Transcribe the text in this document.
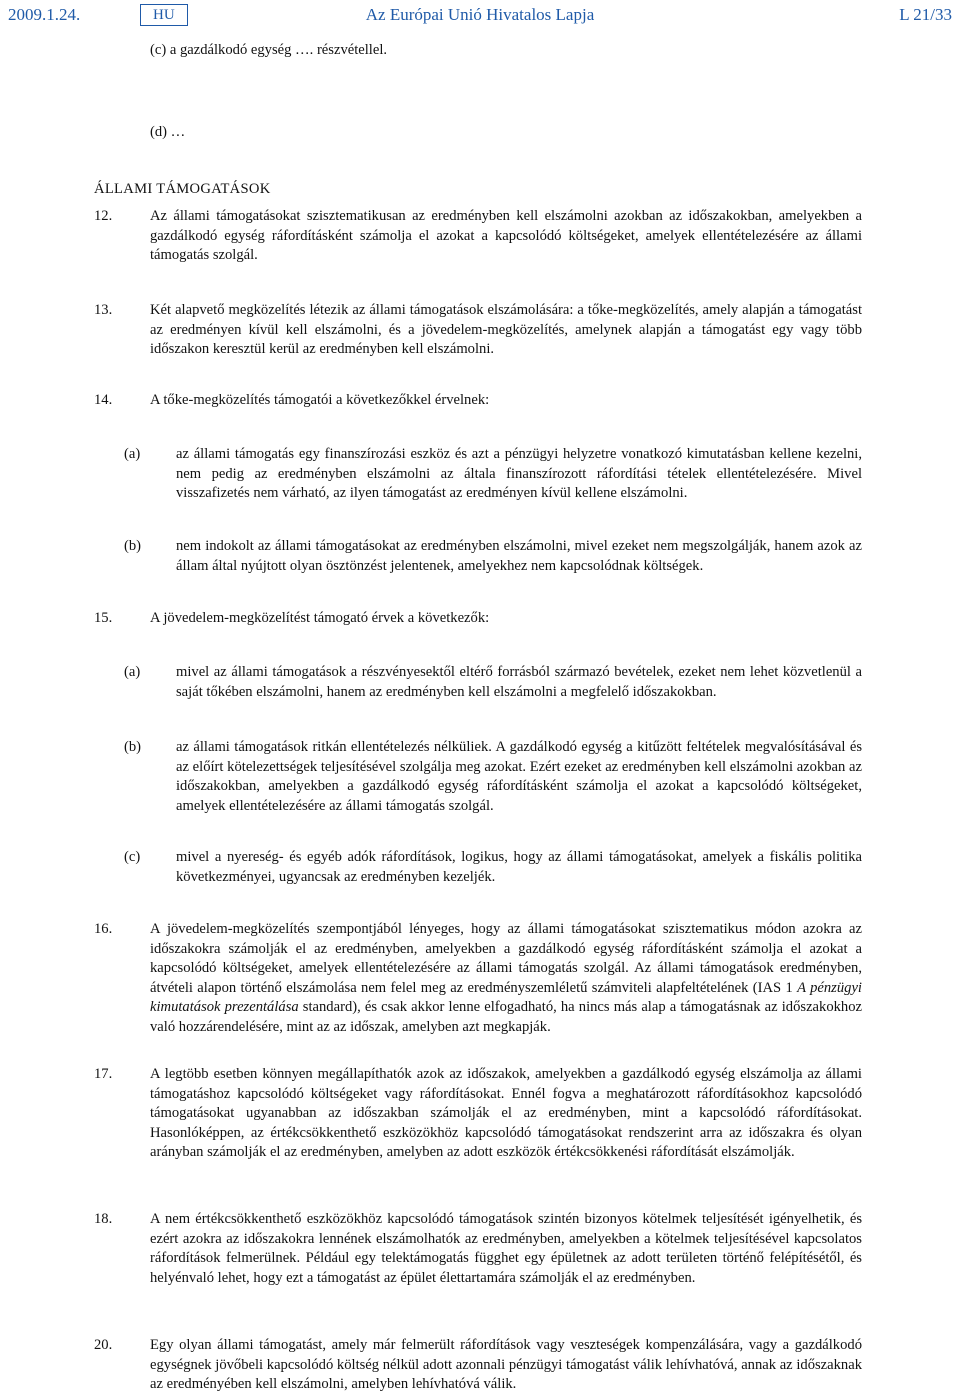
2009.1.24.	HU	Az Európai Unió Hivatalos Lapja	L 21/33
(c) a gazdálkodó egység …. részvétellel.
(d) …
ÁLLAMI TÁMOGATÁSOK
12.	Az állami támogatásokat szisztematikusan az eredményben kell elszámolni azokban az időszakokban, amelyekben a gazdálkodó egység ráfordításként számolja el azokat a kapcsolódó költségeket, amelyek ellentételezésére az állami támogatás szolgál.
13.	Két alapvető megközelítés létezik az állami támogatások elszámolására: a tőke-megközelítés, amely alapján a támogatást az eredményen kívül kell elszámolni, és a jövedelem-megközelítés, amelynek alapján a támogatást egy vagy több időszakon keresztül kerül az eredményben kell elszámolni.
14.	A tőke-megközelítés támogatói a következőkkel érvelnek:
(a) az állami támogatás egy finanszírozási eszköz és azt a pénzügyi helyzetre vonatkozó kimutatásban kellene kezelni, nem pedig az eredményben elszámolni az általa finanszírozott ráfordítási tételek ellentételezésére. Mivel visszafizetés nem várható, az ilyen támogatást az eredményen kívül kellene elszámolni.
(b) nem indokolt az állami támogatásokat az eredményben elszámolni, mivel ezeket nem megszolgálják, hanem azok az állam által nyújtott olyan ösztönzést jelentenek, amelyekhez nem kapcsolódnak költségek.
15.	A jövedelem-megközelítést támogató érvek a következők:
(a) mivel az állami támogatások a részvényesektől eltérő forrásból származó bevételek, ezeket nem lehet közvetlenül a saját tőkében elszámolni, hanem az eredményben kell elszámolni a megfelelő időszakokban.
(b) az állami támogatások ritkán ellentételezés nélküliek. A gazdálkodó egység a kitűzött feltételek megvalósításával és az előírt kötelezettségek teljesítésével szolgálja meg azokat. Ezért ezeket az eredményben kell elszámolni azokban az időszakokban, amelyekben a gazdálkodó egység ráfordításként számolja el azokat a kapcsolódó költségeket, amelyek ellentételezésére az állami támogatás szolgál.
(c) mivel a nyereség- és egyéb adók ráfordítások, logikus, hogy az állami támogatásokat, amelyek a fiskális politika következményei, ugyancsak az eredményben kezeljék.
16.	A jövedelem-megközelítés szempontjából lényeges, hogy az állami támogatásokat szisztematikus módon azokra az időszakokra számolják el az eredményben, amelyekben a gazdálkodó egység ráfordításként számolja el azokat a kapcsolódó költségeket, amelyek ellentételezésére az állami támogatás szolgál. Az állami támogatások eredményben, átvételi alapon történő elszámolása nem felel meg az eredményszemléletű számviteli alapfeltételének (IAS 1 A pénzügyi kimutatások prezentálása standard), és csak akkor lenne elfogadható, ha nincs más alap a támogatásnak az időszakokhoz való hozzárendelésére, mint az az időszak, amelyben azt megkapják.
17.	A legtöbb esetben könnyen megállapíthatók azok az időszakok, amelyekben a gazdálkodó egység elszámolja az állami támogatáshoz kapcsolódó költségeket vagy ráfordításokat. Ennél fogva a meghatározott ráfordításokhoz kapcsolódó támogatásokat ugyanabban az időszakban számolják el az eredményben, mint a kapcsolódó ráfordításokat. Hasonlóképpen, az értékcsökkenthető eszközökhöz kapcsolódó támogatásokat rendszerint arra az időszakra és olyan arányban számolják el az eredményben, amelyben az adott eszközök értékcsökkenési ráfordítását elszámolják.
18.	A nem értékcsökkenthető eszközökhöz kapcsolódó támogatások szintén bizonyos kötelmek teljesítését igényelhetik, és ezért azokra az időszakokra lennének elszámolhatók az eredményben, amelyekben a kötelmek teljesítésével kapcsolatos ráfordítások felmerülnek. Például egy telektámogatás függhet egy épületnek az adott területen történő felépítésétől, és helyénvaló lehet, hogy ezt a támogatást az épület élettartamára számolják el az eredményben.
20.	Egy olyan állami támogatást, amely már felmerült ráfordítások vagy veszteségek kompenzálására, vagy a gazdálkodó egységnek jövőbeli kapcsolódó költség nélkül adott azonnali pénzügyi támogatást válik lehívhatóvá, annak az időszaknak az eredményében kell elszámolni, amelyben lehívhatóvá válik.
